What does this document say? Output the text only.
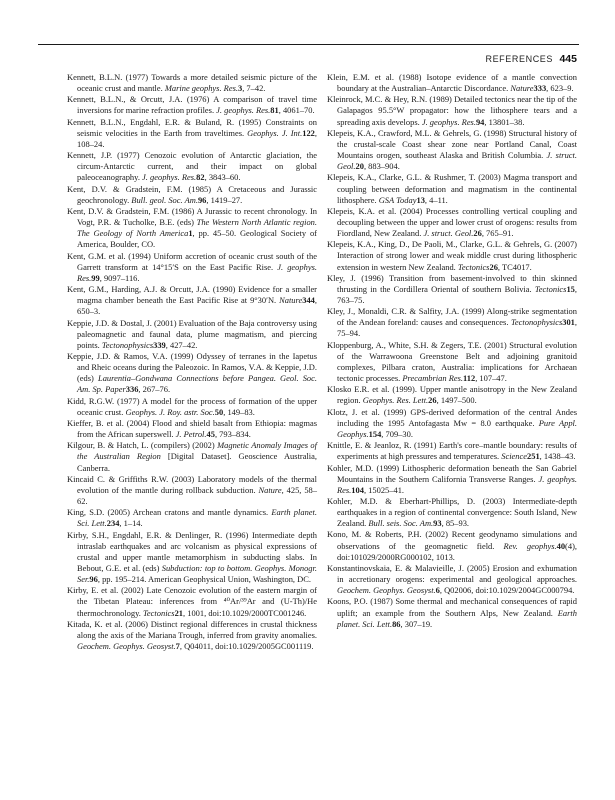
REFERENCES 445

Kennett, B.L.N. (1977) Towards a more detailed seismic picture of the oceanic crust and mantle. Marine geophys. Res.3, 7–42.

Kennett, B.L.N., & Orcutt, J.A. (1976) A comparison of travel time inversions for marine refraction profiles. J. geophys. Res.81, 4061–70.

Kennett, B.L.N., Engdahl, E.R. & Buland, R. (1995) Constraints on seismic velocities in the Earth from traveltimes. Geophys. J. Int.122, 108–24.

Kennett, J.P. (1977) Cenozoic evolution of Antarctic glaciation, the circum-Antarctic current, and their impact on global paleoceanography. J. geophys. Res.82, 3843–60.

Kent, D.V. & Gradstein, F.M. (1985) A Cretaceous and Jurassic geochronology. Bull. geol. Soc. Am.96, 1419–27.

Kent, D.V. & Gradstein, F.M. (1986) A Jurassic to recent chronology. In Vogt, P.R. & Tucholke, B.E. (eds) The Western North Atlantic region. The Geology of North America1, pp. 45–50. Geological Society of America, Boulder, CO.

Kent, G.M. et al. (1994) Uniform accretion of oceanic crust south of the Garrett transform at 14°15′S on the East Pacific Rise. J. geophys. Res.99, 9097–116.

Kent, G.M., Harding, A.J. & Orcutt, J.A. (1990) Evidence for a smaller magma chamber beneath the East Pacific Rise at 9°30′N. Nature344, 650–3.

Keppie, J.D. & Dostal, J. (2001) Evaluation of the Baja controversy using paleomagnetic and faunal data, plume magmatism, and piercing points. Tectonophysics339, 427–42.

Keppie, J.D. & Ramos, V.A. (1999) Odyssey of terranes in the Iapetus and Rheic oceans during the Paleozoic. In Ramos, V.A. & Keppie, J.D. (eds) Laurentia–Gondwana Connections before Pangea. Geol. Soc. Am. Sp. Paper336, 267–76.

Kidd, R.G.W. (1977) A model for the process of formation of the upper oceanic crust. Geophys. J. Roy. astr. Soc.50, 149–83.

Kieffer, B. et al. (2004) Flood and shield basalt from Ethiopia: magmas from the African superswell. J. Petrol.45, 793–834.

Kilgour, B. & Hatch, L. (compilers) (2002) Magnetic Anomaly Images of the Australian Region [Digital Dataset]. Geoscience Australia, Canberra.

Kincaid C. & Griffiths R.W. (2003) Laboratory models of the thermal evolution of the mantle during rollback subduction. Nature, 425, 58–62.

King, S.D. (2005) Archean cratons and mantle dynamics. Earth planet. Sci. Lett.234, 1–14.

Kirby, S.H., Engdahl, E.R. & Denlinger, R. (1996) Intermediate depth intraslab earthquakes and arc volcanism as physical expressions of crustal and upper mantle metamorphism in subducting slabs. In Bebout, G.E. et al. (eds) Subduction: top to bottom. Geophys. Monogr. Ser.96, pp. 195–214. American Geophysical Union, Washington, DC.

Kirby, E. et al. (2002) Late Cenozoic evolution of the eastern margin of the Tibetan Plateau: inferences from ⁴⁰Ar/³⁹Ar and (U-Th)/He thermochronology. Tectonics21, 1001, doi:10.1029/2000TC001246.

Kitada, K. et al. (2006) Distinct regional differences in crustal thickness along the axis of the Mariana Trough, inferred from gravity anomalies. Geochem. Geophys. Geosyst.7, Q04011, doi:10.1029/2005GC001119.

Klein, E.M. et al. (1988) Isotope evidence of a mantle convection boundary at the Australian–Antarctic Discordance. Nature333, 623–9.

Kleinrock, M.C. & Hey, R.N. (1989) Detailed tectonics near the tip of the Galapagos 95.5°W propagator: how the lithosphere tears and a spreading axis develops. J. geophys. Res.94, 13801–38.

Klepeis, K.A., Crawford, M.L. & Gehrels, G. (1998) Structural history of the crustal-scale Coast shear zone near Portland Canal, Coast Mountains orogen, southeast Alaska and British Columbia. J. struct. Geol.20, 883–904.

Klepeis, K.A., Clarke, G.L. & Rushmer, T. (2003) Magma transport and coupling between deformation and magmatism in the continental lithosphere. GSA Today13, 4–11.

Klepeis, K.A. et al. (2004) Processes controlling vertical coupling and decoupling between the upper and lower crust of orogens: results from Fiordland, New Zealand. J. struct. Geol.26, 765–91.

Klepeis, K.A., King, D., De Paoli, M., Clarke, G.L. & Gehrels, G. (2007) Interaction of strong lower and weak middle crust during lithospheric extension in western New Zealand. Tectonics26, TC4017.

Kley, J. (1996) Transition from basement-involved to thin skinned thrusting in the Cordillera Oriental of southern Bolivia. Tectonics15, 763–75.

Kley, J., Monaldi, C.R. & Salfity, J.A. (1999) Along-strike segmentation of the Andean foreland: causes and consequences. Tectonophysics301, 75–94.

Kloppenburg, A., White, S.H. & Zegers, T.E. (2001) Structural evolution of the Warrawoona Greenstone Belt and adjoining granitoid complexes, Pilbara craton, Australia: implications for Archaean tectonic processes. Precambrian Res.112, 107–47.

Klosko E.R. et al. (1999). Upper mantle anisotropy in the New Zealand region. Geophys. Res. Lett.26, 1497–500.

Klotz, J. et al. (1999) GPS-derived deformation of the central Andes including the 1995 Antofagasta Mw = 8.0 earthquake. Pure Appl. Geophys.154, 709–30.

Knittle, E. & Jeanloz, R. (1991) Earth's core–mantle boundary: results of experiments at high pressures and temperatures. Science251, 1438–43.

Kohler, M.D. (1999) Lithospheric deformation beneath the San Gabriel Mountains in the Southern California Transverse Ranges. J. geophys. Res.104, 15025–41.

Kohler, M.D. & Eberhart-Phillips, D. (2003) Intermediate-depth earthquakes in a region of continental convergence: South Island, New Zealand. Bull. seis. Soc. Am.93, 85–93.

Kono, M. & Roberts, P.H. (2002) Recent geodynamo simulations and observations of the geomagnetic field. Rev. geophys.40(4), doi:101029/2000RG000102, 1013.

Konstantinovskaia, E. & Malavieille, J. (2005) Erosion and exhumation in accretionary orogens: experimental and geological approaches. Geochem. Geophys. Geosyst.6, Q02006, doi:10.1029/2004GC000794.

Koons, P.O. (1987) Some thermal and mechanical consequences of rapid uplift; an example from the Southern Alps, New Zealand. Earth planet. Sci. Lett.86, 307–19.
